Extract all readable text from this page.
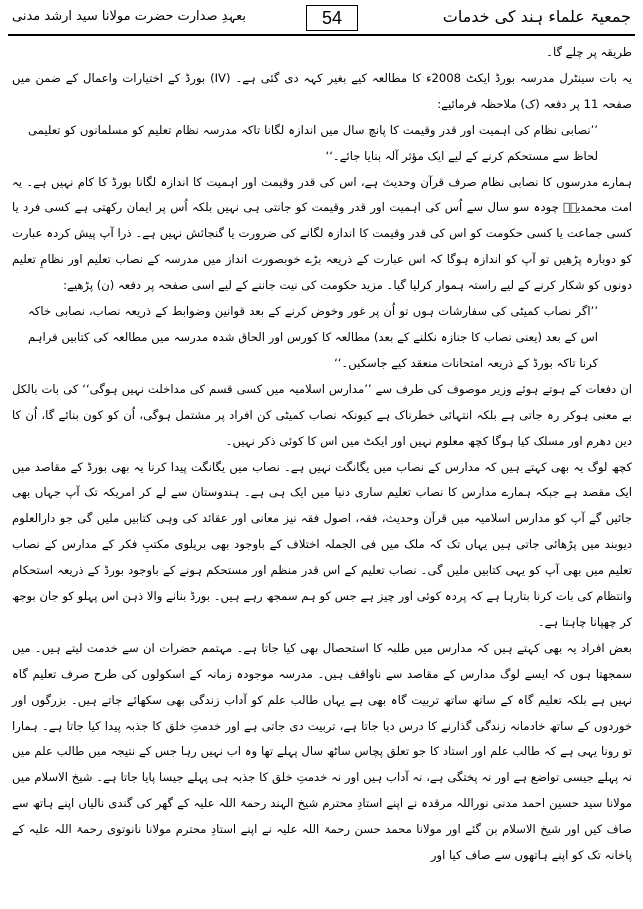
بعہدِ صدارت حضرت مولانا سید ارشد مدنی	54	جمعیۃ علماء ہند کی خدمات

طریقہ پر چلے گا۔

یہ بات سینٹرل مدرسہ بورڈ ایکٹ 2008ء کا مطالعہ کیے بغیر کہہ دی گئی ہے۔ (IV) بورڈ کے اختیارات واعمال کے ضمن میں صفحہ 11 پر دفعہ (ک) ملاحظہ فرمائیے:

’’نصابی نظام کی اہمیت اور قدر وقیمت کا پانچ سال میں اندازہ لگانا تاکہ مدرسہ نظام تعلیم کو مسلمانوں کو تعلیمی لحاظ سے مستحکم کرنے کے لیے ایک مؤثر آلہ بنایا جائے۔‘‘

ہمارے مدرسوں کا نصابی نظام صرف قرآن وحدیث ہے، اس کی قدر وقیمت اور اہمیت کا اندازہ لگانا بورڈ کا کام نہیں ہے۔ یہ امت محمدیہؐ چودہ سو سال سے اُس کی اہمیت اور قدر وقیمت کو جانتی ہی نہیں بلکہ اُس پر ایمان رکھتی ہے کسی فرد یا کسی جماعت یا کسی حکومت کو اس کی قدر وقیمت کا اندازہ لگانے کی ضرورت یا گنجائش نہیں ہے۔ ذرا آپ پیش کردہ عبارت کو دوبارہ پڑھیں تو آپ کو اندازہ ہوگا کہ اس عبارت کے ذریعہ بڑے خوبصورت انداز میں مدرسہ کے نصاب تعلیم اور نظامِ تعلیم دونوں کو شکار کرنے کے لیے راستہ ہموار کرلیا گیا۔ مزید حکومت کی نیت جاننے کے لیے اسی صفحہ پر دفعہ (ن) پڑھیے:

’’اگر نصاب کمیٹی کی سفارشات ہوں تو اُن پر غور وخوض کرنے کے بعد قوانین وضوابط کے ذریعہ نصاب، نصابی خاکہ اس کے بعد (یعنی نصاب کا جنازہ نکلنے کے بعد) مطالعہ کا کورس اور الحاق شدہ مدرسہ میں مطالعہ کی کتابیں فراہم کرنا تاکہ بورڈ کے ذریعہ امتحانات منعقد کیے جاسکیں۔‘‘

ان دفعات کے ہوتے ہوئے وزیر موصوف کی طرف سے ’’مدارس اسلامیہ میں کسی قسم کی مداخلت نہیں ہوگی‘‘ کی بات بالکل بے معنی ہوکر رہ جاتی ہے بلکہ انتہائی خطرناک ہے کیونکہ نصاب کمیٹی کن افراد پر مشتمل ہوگی، اُن کو کون بنائے گا، اُن کا دین دھرم اور مسلک کیا ہوگا کچھ معلوم نہیں اور ایکٹ میں اس کا کوئی ذکر نہیں۔

کچھ لوگ یہ بھی کہتے ہیں کہ مدارس کے نصاب میں یگانگت نہیں ہے۔ نصاب میں یگانگت پیدا کرنا یہ بھی بورڈ کے مقاصد میں ایک مقصد ہے جبکہ ہمارے مدارس کا نصاب تعلیم ساری دنیا میں ایک ہی ہے۔ ہندوستان سے لے کر امریکہ تک آپ جہاں بھی جائیں گے آپ کو مدارس اسلامیہ میں قرآن وحدیث، فقہ، اصول فقہ نیز معانی اور عقائد کی وہی کتابیں ملیں گی جو دارالعلوم دیوبند میں پڑھائی جاتی ہیں یہاں تک کہ ملک میں فی الجملہ اختلاف کے باوجود بھی بریلوی مکتبِ فکر کے مدارس کے نصاب تعلیم میں بھی آپ کو یہی کتابیں ملیں گی۔ نصاب تعلیم کے اس قدر منظم اور مستحکم ہونے کے باوجود بورڈ کے ذریعہ استحکام وانتظام کی بات کرنا بتارہا ہے کہ پردہ کوئی اور چیز ہے جس کو ہم سمجھ رہے ہیں۔ بورڈ بنانے والا ذہن اس پہلو کو جان بوجھ کر چھپانا چاہتا ہے۔

بعض افراد یہ بھی کہتے ہیں کہ مدارس میں طلبہ کا استحصال بھی کیا جاتا ہے۔ مہتمم حضرات ان سے خدمت لیتے ہیں۔ میں سمجھتا ہوں کہ ایسے لوگ مدارس کے مقاصد سے ناواقف ہیں۔ مدرسہ موجودہ زمانہ کے اسکولوں کی طرح صرف تعلیم گاہ نہیں ہے بلکہ تعلیم گاہ کے ساتھ ساتھ تربیت گاہ بھی ہے یہاں طالب علم کو آداب زندگی بھی سکھائے جاتے ہیں۔ بزرگوں اور خوردوں کے ساتھ خادمانہ زندگی گذارنے کا درس دیا جاتا ہے، تربیت دی جاتی ہے اور خدمتِ خلق کا جذبہ پیدا کیا جاتا ہے۔ ہمارا تو رونا یہی ہے کہ طالب علم اور استاد کا جو تعلق پچاس ساٹھ سال پہلے تھا وہ اب نہیں رہا جس کے نتیجہ میں طالب علم میں نہ پہلے جیسی تواضع ہے اور نہ پختگی ہے، نہ آداب ہیں اور نہ خدمتِ خلق کا جذبہ ہی پہلے جیسا پایا جاتا ہے۔ شیخ الاسلام میں مولانا سید حسین احمد مدنی نوراللہ مرقدہ نے اپنے استادِ محترم شیخ الہند رحمۃ اللہ علیہ کے گھر کی گندی نالیاں اپنے ہاتھ سے صاف کیں اور شیخ الاسلام بن گئے اور مولانا محمد حسن رحمۃ اللہ علیہ نے اپنے استادِ محترم مولانا نانوتوی رحمۃ اللہ علیہ کے پاخانہ تک کو اپنے ہاتھوں سے صاف کیا اور
